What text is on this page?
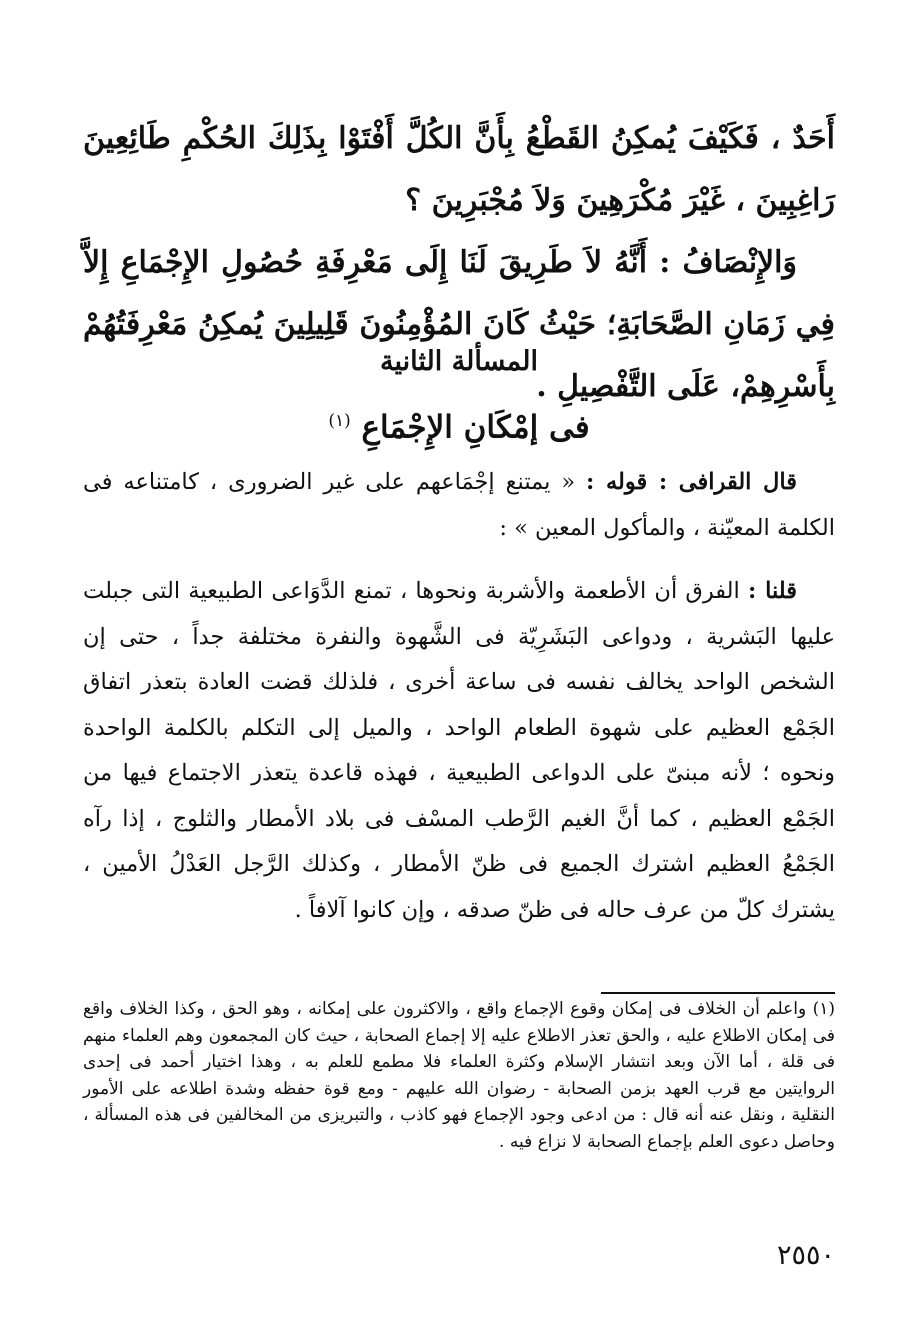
أَحَدٌ ، فَكَيْفَ يُمكِنُ القَطْعُ بِأَنَّ الكُلَّ أَفْتَوْا بِذَلِكَ الحُكْمِ طَائِعِينَ رَاغِبِينَ ، غَيْرَ مُكْرَهِينَ وَلاَ مُجْبَرِينَ ؟

وَالإِنْصَافُ : أَنَّهُ لاَ طَرِيقَ لَنَا إِلَى مَعْرِفَةِ حُصُولِ الإِجْمَاعِ إِلاَّ فِي زَمَانِ الصَّحَابَةِ؛ حَيْثُ كَانَ المُؤْمِنُونَ قَلِيلِينَ يُمكِنُ مَعْرِفَتُهُمْ بِأَسْرِهِمْ، عَلَى التَّفْصِيلِ .

المسألة الثانية
فى إمْكَانِ الإِجْمَاعِ $^{(١)}$

قال القرافى : قوله : « يمتنع إجْمَاعهم على غير الضرورى ، كامتناعه فى الكلمة المعيّنة ، والمأكول المعين » :

قلنا : الفرق أن الأطعمة والأشربة ونحوها ، تمنع الدَّوَاعى الطبيعية التى جبلت عليها البَشرية ، ودواعى البَشَرِيّة فى الشَّهوة والنفرة مختلفة جداً ، حتى إن الشخص الواحد يخالف نفسه فى ساعة أخرى ، فلذلك قضت العادة بتعذر اتفاق الجَمْع العظيم على شهوة الطعام الواحد ، والميل إلى التكلم بالكلمة الواحدة ونحوه ؛ لأنه مبنىّ على الدواعى الطبيعية ، فهذه قاعدة يتعذر الاجتماع فيها من الجَمْع العظيم ، كما أنَّ الغيم الرَّطب المسْف فى بلاد الأمطار والثلوج ، إذا رآه الجَمْعُ العظيم اشترك الجميع فى ظنّ الأمطار ، وكذلك الرَّجل العَدْلُ الأمين ، يشترك كلّ من عرف حاله فى ظنّ صدقه ، وإن كانوا آلافاً .

(١) واعلم أن الخلاف فى إمكان وقوع الإجماع واقع ، والاكثرون على إمكانه ، وهو الحق ، وكذا الخلاف واقع فى إمكان الاطلاع عليه ، والحق تعذر الاطلاع عليه إلا إجماع الصحابة ، حيث كان المجمعون وهم العلماء منهم فى قلة ، أما الآن وبعد انتشار الإسلام وكثرة العلماء فلا مطمع للعلم به ، وهذا اختيار أحمد فى إحدى الروايتين مع قرب العهد بزمن الصحابة - رضوان الله عليهم - ومع قوة حفظه وشدة اطلاعه على الأمور النقلية ، ونقل عنه أنه قال : من ادعى وجود الإجماع فهو كاذب ، والتبريزى من المخالفين فى هذه المسألة ، وحاصل دعوى العلم بإجماع الصحابة لا نزاع فيه .

٢٥٥٠
